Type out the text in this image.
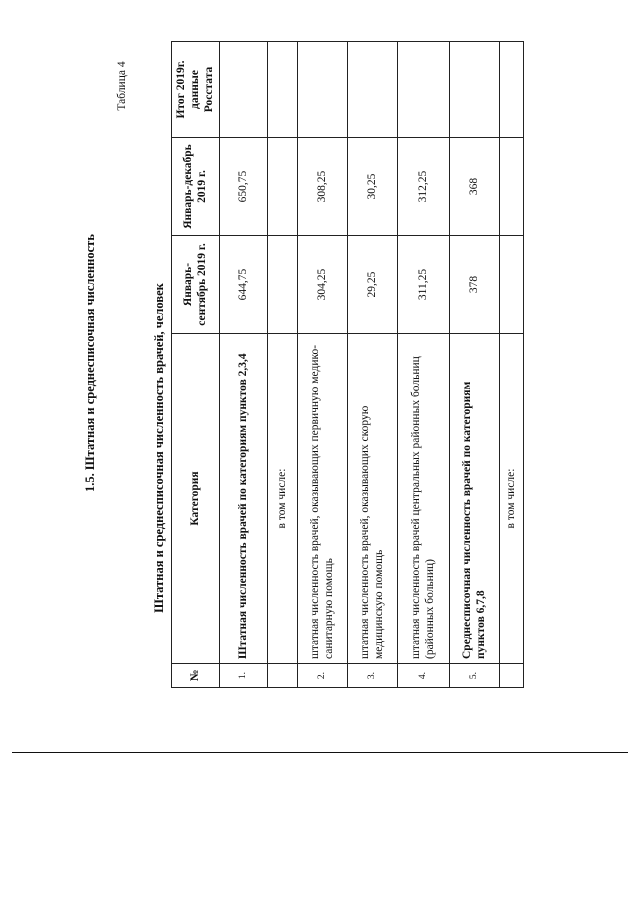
1.5. Штатная и среднесписочная численность	Штатная и среднесписочная численность врачей, человек
Таблица 4
№	Категория	Январь-сентябрь 2019 г.	Январь-декабрь 2019 г.	Итог 2019г. данные Росстата
1.	Штатная численность врачей по категориям пунктов 2,3,4	644,75	650,75	
	в том числе:			
2.	штатная численность врачей, оказывающих первичную медико-санитарную помощь	304,25	308,25	
3.	штатная численность врачей, оказывающих скорую медицинскую помощь	29,25	30,25	
4.	штатная численность врачей центральных районных больниц (районных больниц)	311,25	312,25	
5.	Среднесписочная численность врачей по категориям пунктов 6,7,8	378	368	
	в том числе:			
